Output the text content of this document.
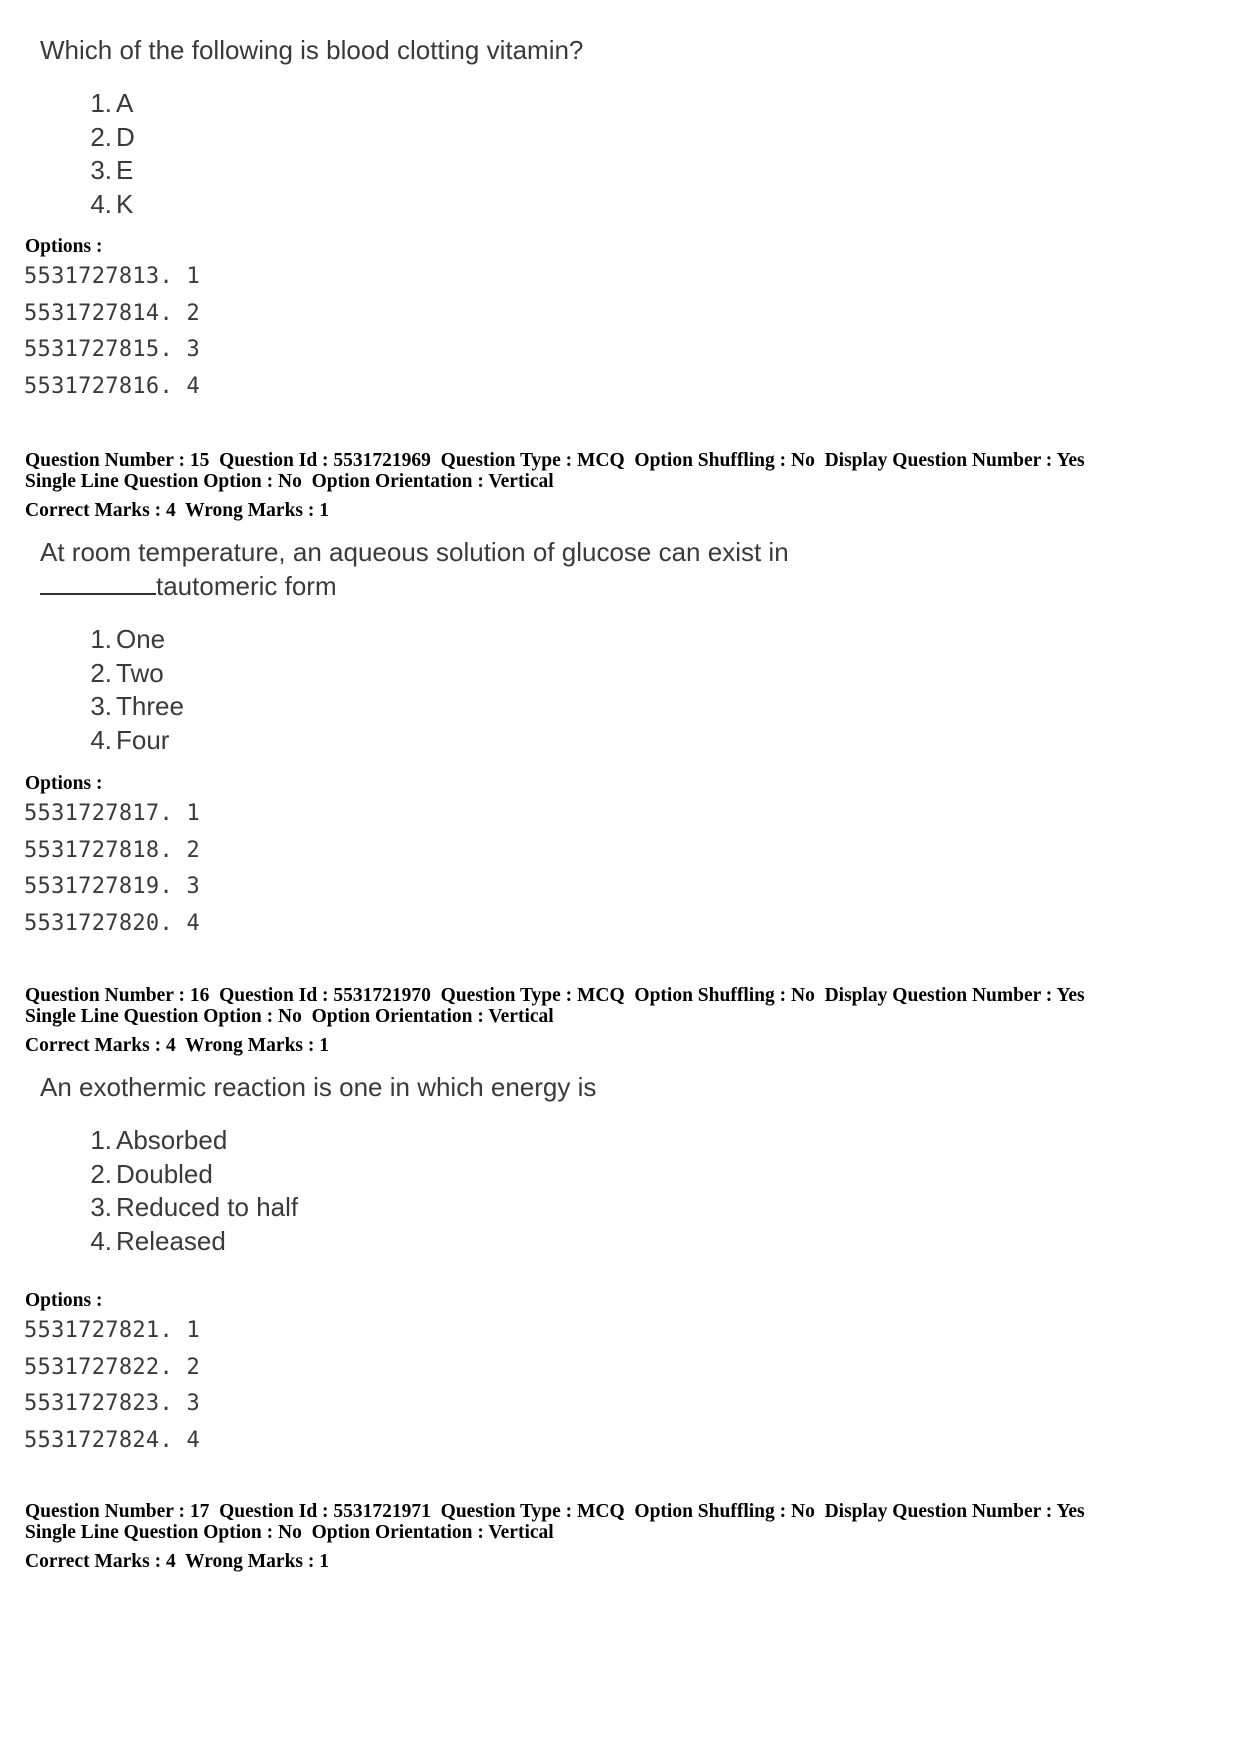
Which of the following is blood clotting vitamin?

1. A
2. D
3. E
4. K
Options :
5531727813. 1
5531727814. 2
5531727815. 3
5531727816. 4
Question Number : 15  Question Id : 5531721969  Question Type : MCQ  Option Shuffling : No  Display Question Number : Yes
Single Line Question Option : No  Option Orientation : Vertical
Correct Marks : 4  Wrong Marks : 1

At room temperature, an aqueous solution of glucose can exist in

tautomeric form

1. One
2. Two
3. Three
4. Four
Options :
5531727817. 1
5531727818. 2
5531727819. 3
5531727820. 4
Question Number : 16  Question Id : 5531721970  Question Type : MCQ  Option Shuffling : No  Display Question Number : Yes
Single Line Question Option : No  Option Orientation : Vertical
Correct Marks : 4  Wrong Marks : 1

An exothermic reaction is one in which energy is

1. Absorbed
2. Doubled
3. Reduced to half
4. Released
Options :
5531727821. 1
5531727822. 2
5531727823. 3
5531727824. 4
Question Number : 17  Question Id : 5531721971  Question Type : MCQ  Option Shuffling : No  Display Question Number : Yes
Single Line Question Option : No  Option Orientation : Vertical
Correct Marks : 4  Wrong Marks : 1
